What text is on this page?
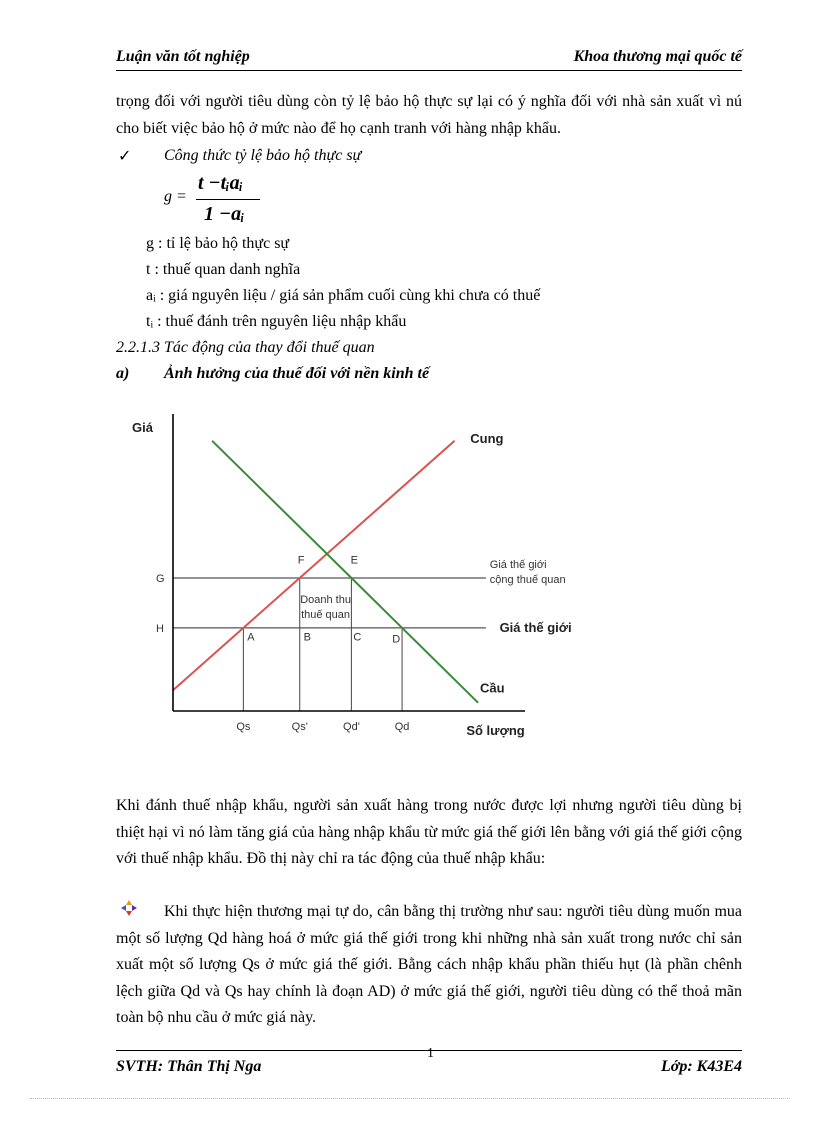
Luận văn tốt nghiệp	Khoa thương mại quốc tế

trọng đối với người tiêu dùng còn tỷ lệ bảo hộ thực sự lại có ý nghĩa đối với nhà sản xuất vì nú cho biết việc bảo hộ ở mức nào để họ cạnh tranh với hàng nhập khẩu.

✓ Công thức tỷ lệ bảo hộ thực sự
g =
t −tᵢaᵢ
1 −aᵢ
g : tỉ lệ bảo hộ thực sự
t : thuế quan danh nghĩa
aᵢ : giá nguyên liệu / giá sản phẩm cuối cùng khi chưa có thuế
tᵢ : thuế đánh trên nguyên liệu nhập khẩu
2.2.1.3 Tác động của thay đổi thuế quan
a) Ảnh hưởng của thuế đối với nền kinh tế
Giá
Số lượng
G
H
Qs	Qs'	Qd'	Qd
Cung
Cầu
Giá thế giới
cộng thuế quan
Giá thế giới
F	E
A	B	C	D
Doanh thu
thuế quan

Khi đánh thuế nhập khẩu, người sản xuất hàng trong nước được lợi nhưng người tiêu dùng bị thiệt hại vì nó làm tăng giá của hàng nhập khẩu từ mức giá thế giới lên bằng với giá thế giới cộng với thuế nhập khẩu. Đồ thị này chỉ ra tác động của thuế nhập khẩu:

Khi thực hiện thương mại tự do, cân bằng thị trường như sau: người tiêu dùng muốn mua một số lượng Qd hàng hoá ở mức giá thế giới trong khi những nhà sản xuất trong nước chỉ sản xuất một số lượng Qs ở mức giá thế giới. Bằng cách nhập khẩu phần thiếu hụt (là phần chênh lệch giữa Qd và Qs hay chính là đoạn AD) ở mức giá thế giới, người tiêu dùng có thể thoả mãn toàn bộ nhu cầu ở mức giá này.

SVTH: Thân Thị Nga
1
Lớp: K43E4
